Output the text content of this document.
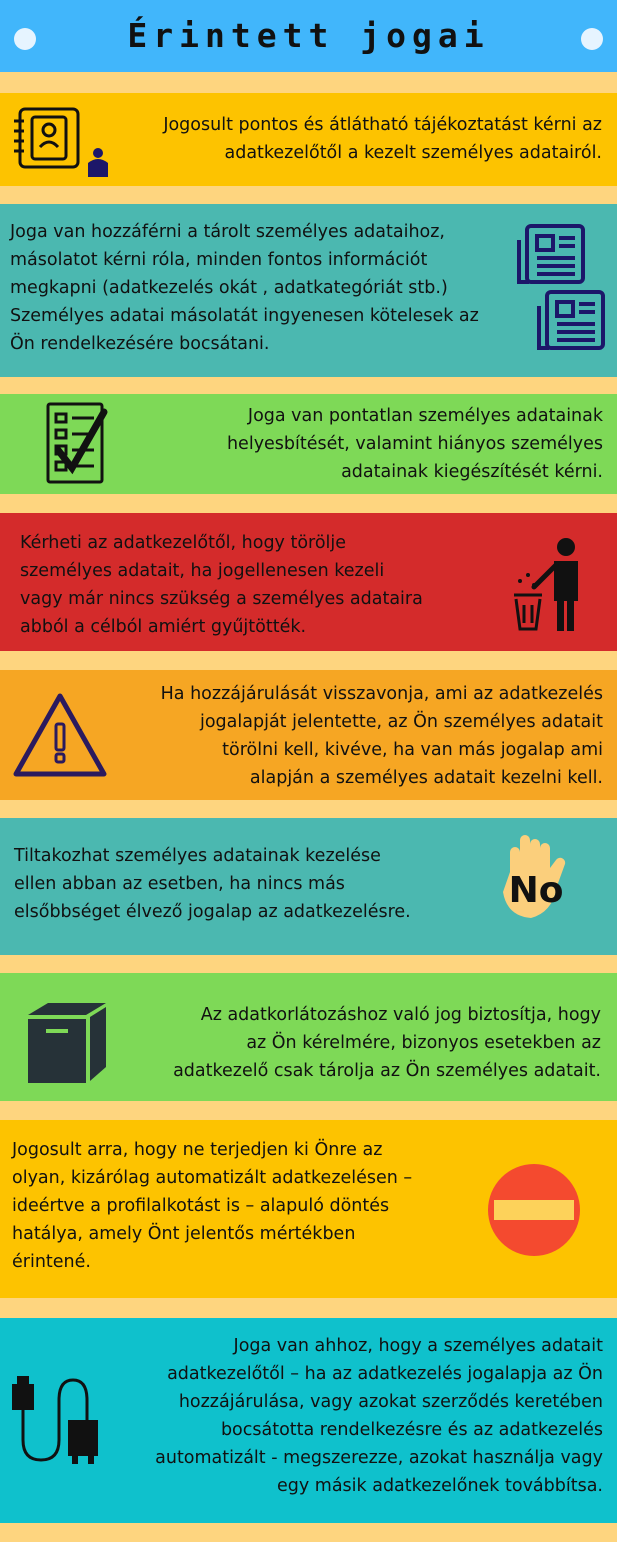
Érintett jogai
Jogosult pontos és átlátható tájékoztatást kérni az
adatkezelőtől a kezelt személyes adatairól.
Joga van hozzáférni a tárolt személyes adataihoz,
másolatot kérni róla, minden fontos információt
megkapni (adatkezelés okát , adatkategóriát stb.)
Személyes adatai másolatát ingyenesen kötelesek az
Ön rendelkezésére bocsátani.
Joga van pontatlan személyes adatainak
helyesbítését, valamint hiányos személyes
adatainak kiegészítését kérni.
Kérheti az adatkezelőtől, hogy törölje
személyes adatait, ha jogellenesen kezeli
vagy már nincs szükség a személyes adataira
abból a célból amiért gyűjtötték.
Ha hozzájárulását visszavonja, ami az adatkezelés
jogalapját jelentette, az Ön személyes adatait
törölni kell, kivéve, ha van más jogalap ami
alapján a személyes adatait kezelni kell.
Tiltakozhat személyes adatainak kezelése
ellen abban az esetben, ha nincs más
elsőbbséget élvező jogalap az adatkezelésre.
No
Az adatkorlátozáshoz való jog biztosítja, hogy
az Ön kérelmére, bizonyos esetekben az
adatkezelő csak tárolja az Ön személyes adatait.
Jogosult arra, hogy ne terjedjen ki Önre az
olyan, kizárólag automatizált adatkezelésen –
ideértve a profilalkotást is – alapuló döntés
hatálya, amely Önt jelentős mértékben
érintené.
Joga van ahhoz, hogy a személyes adatait
adatkezelőtől – ha az adatkezelés jogalapja az Ön
hozzájárulása, vagy azokat szerződés keretében
bocsátotta rendelkezésre és az adatkezelés
automatizált - megszerezze, azokat használja vagy
egy másik adatkezelőnek továbbítsa.
